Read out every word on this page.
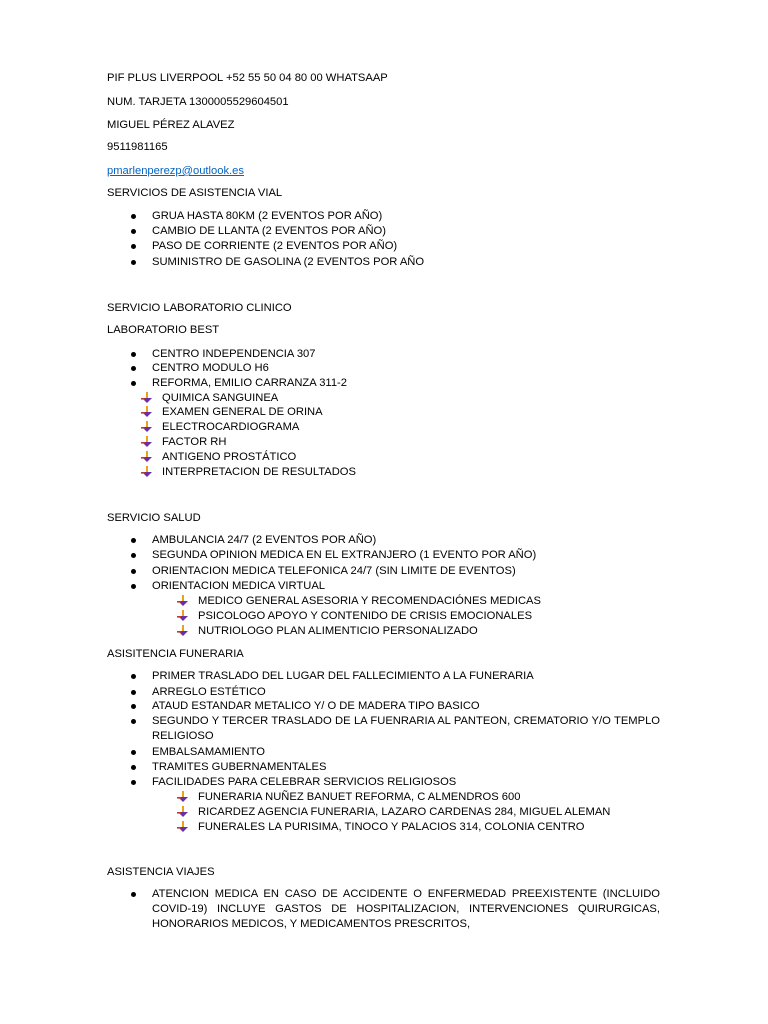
PIF PLUS LIVERPOOL +52 55 50 04 80 00 WHATSAAP
NUM. TARJETA 1300005529604501
MIGUEL PÉREZ ALAVEZ
9511981165
pmarlenperezp@outlook.es
SERVICIOS DE ASISTENCIA VIAL
GRUA HASTA 80KM (2 EVENTOS POR AÑO)
CAMBIO DE LLANTA (2 EVENTOS POR AÑO)
PASO DE CORRIENTE (2 EVENTOS POR AÑO)
SUMINISTRO DE GASOLINA (2 EVENTOS POR AÑO
SERVICIO LABORATORIO CLINICO
LABORATORIO BEST
CENTRO INDEPENDENCIA 307
CENTRO MODULO H6
REFORMA, EMILIO CARRANZA 311-2
QUIMICA SANGUINEA
EXAMEN GENERAL DE ORINA
ELECTROCARDIOGRAMA
FACTOR RH
ANTIGENO PROSTÁTICO
INTERPRETACION DE RESULTADOS
SERVICIO SALUD
AMBULANCIA 24/7 (2 EVENTOS POR AÑO)
SEGUNDA OPINION MEDICA EN EL EXTRANJERO (1 EVENTO POR AÑO)
ORIENTACION MEDICA TELEFONICA 24/7 (SIN LIMITE DE EVENTOS)
ORIENTACION MEDICA VIRTUAL
MEDICO GENERAL ASESORIA Y RECOMENDACIÓNES MEDICAS
PSICOLOGO APOYO Y CONTENIDO DE CRISIS EMOCIONALES
NUTRIOLOGO PLAN ALIMENTICIO PERSONALIZADO
ASISITENCIA FUNERARIA
PRIMER TRASLADO DEL LUGAR DEL FALLECIMIENTO A LA FUNERARIA
ARREGLO ESTÉTICO
ATAUD ESTANDAR METALICO Y/ O DE MADERA TIPO BASICO
SEGUNDO Y TERCER TRASLADO DE LA FUENRARIA AL PANTEON, CREMATORIO Y/O TEMPLO RELIGIOSO
EMBALSAMAMIENTO
TRAMITES GUBERNAMENTALES
FACILIDADES PARA CELEBRAR SERVICIOS RELIGIOSOS
FUNERARIA NUÑEZ BANUET REFORMA, C ALMENDROS 600
RICARDEZ AGENCIA FUNERARIA, LAZARO CARDENAS 284, MIGUEL ALEMAN
FUNERALES LA PURISIMA, TINOCO Y PALACIOS 314, COLONIA CENTRO
ASISTENCIA VIAJES
ATENCION MEDICA EN CASO DE ACCIDENTE O ENFERMEDAD PREEXISTENTE (INCLUIDO COVID-19) INCLUYE GASTOS DE HOSPITALIZACION, INTERVENCIONES QUIRURGICAS, HONORARIOS MEDICOS, Y MEDICAMENTOS PRESCRITOS,
